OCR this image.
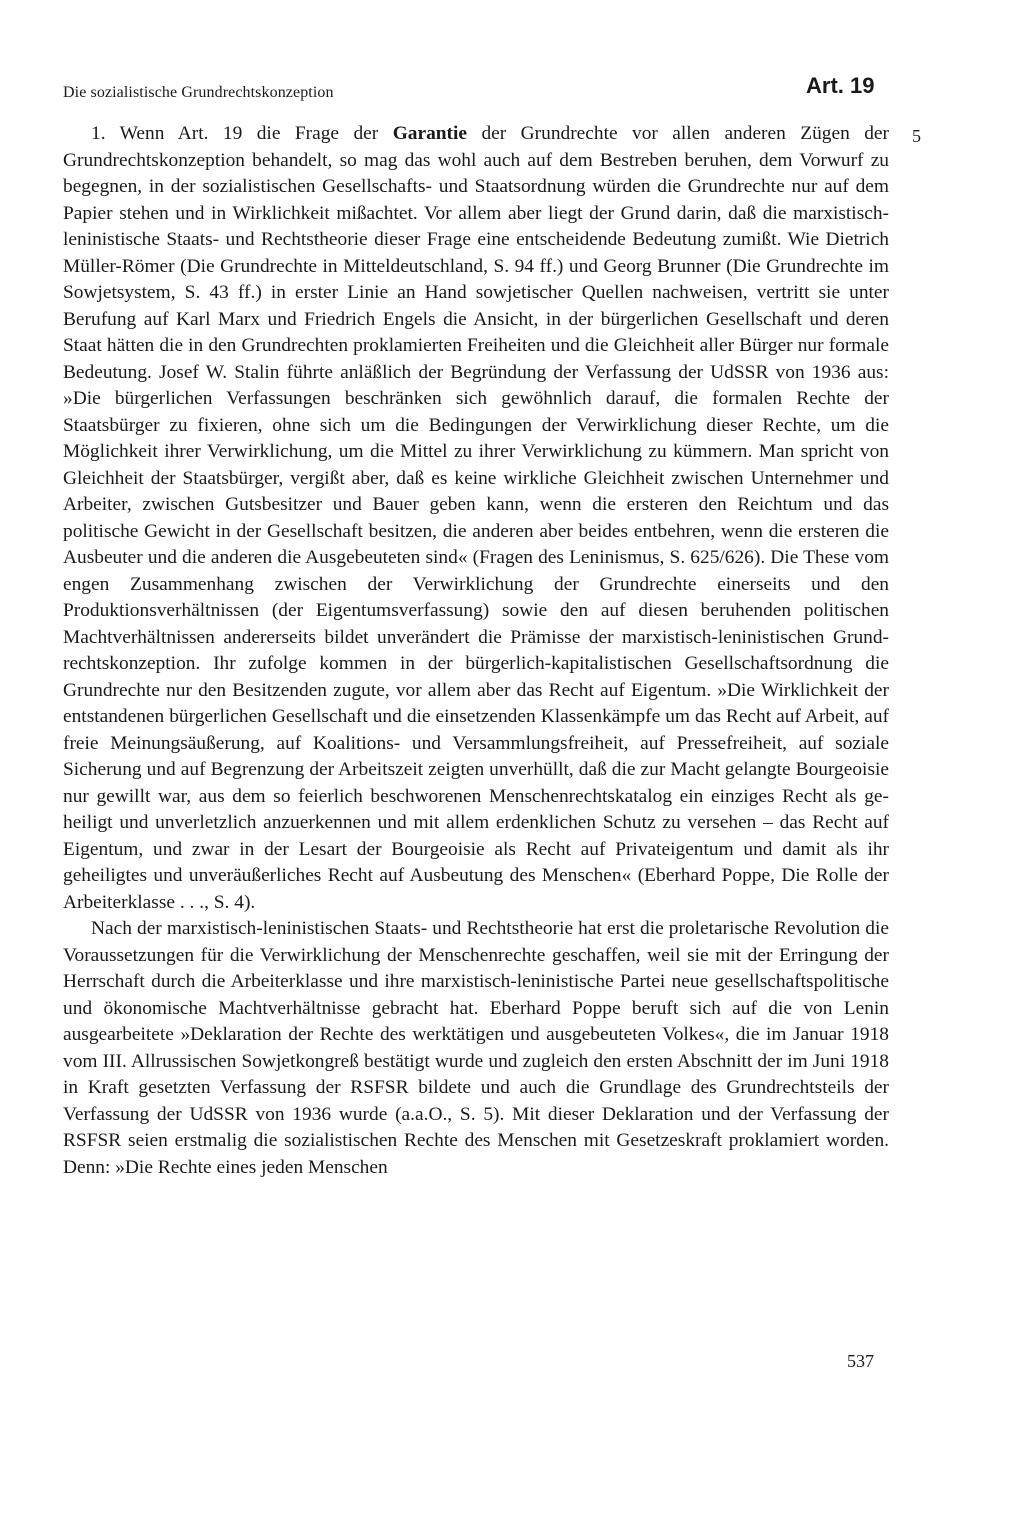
Die sozialistische Grundrechtskonzeption	Art. 19
5

1. Wenn Art. 19 die Frage der Garantie der Grundrechte vor allen anderen Zügen der Grundrechtskonzeption behandelt, so mag das wohl auch auf dem Bestreben beruhen, dem Vorwurf zu begegnen, in der sozialistischen Gesellschafts- und Staatsordnung würden die Grundrechte nur auf dem Papier stehen und in Wirklichkeit mißachtet. Vor allem aber liegt der Grund darin, daß die marxistisch-leninistische Staats- und Rechtstheorie dieser Frage eine entscheidende Bedeutung zumißt. Wie Dietrich Müller-Römer (Die Grundrechte in Mitteldeutschland, S. 94 ff.) und Georg Brunner (Die Grundrechte im Sowjetsystem, S. 43 ff.) in erster Linie an Hand sowjetischer Quellen nachweisen, vertritt sie unter Berufung auf Karl Marx und Friedrich Engels die Ansicht, in der bürgerlichen Gesellschaft und deren Staat hätten die in den Grundrechten proklamierten Freiheiten und die Gleichheit aller Bürger nur formale Bedeutung. Josef W. Stalin führte anläßlich der Begründung der Verfassung der UdSSR von 1936 aus: »Die bürgerlichen Verfassungen beschränken sich gewöhnlich darauf, die formalen Rechte der Staatsbürger zu fixieren, ohne sich um die Bedingungen der Verwirklichung dieser Rechte, um die Möglichkeit ihrer Verwirklichung, um die Mittel zu ihrer Verwirklichung zu kümmern. Man spricht von Gleichheit der Staatsbürger, vergißt aber, daß es keine wirkliche Gleichheit zwischen Unternehmer und Arbeiter, zwischen Gutsbesitzer und Bauer geben kann, wenn die ersteren den Reichtum und das politische Gewicht in der Gesellschaft besitzen, die anderen aber beides entbehren, wenn die ersteren die Ausbeuter und die anderen die Ausgebeuteten sind« (Fragen des Leninismus, S. 625/626). Die These vom engen Zusammenhang zwischen der Verwirklichung der Grundrechte einerseits und den Produktionsverhältnissen (der Eigentumsverfassung) sowie den auf diesen beruhenden politischen Machtverhältnissen andererseits bildet unverändert die Prämisse der marxistisch-leninistischen Grundrechtskonzeption. Ihr zufolge kommen in der bürgerlich-kapitalistischen Gesellschaftsordnung die Grundrechte nur den Besitzenden zugute, vor allem aber das Recht auf Eigentum. »Die Wirklichkeit der entstandenen bürgerlichen Gesellschaft und die einsetzenden Klassenkämpfe um das Recht auf Arbeit, auf freie Meinungsäußerung, auf Koalitions- und Versammlungsfreiheit, auf Pressefreiheit, auf soziale Sicherung und auf Begrenzung der Arbeitszeit zeigten unverhüllt, daß die zur Macht gelangte Bourgeoisie nur gewillt war, aus dem so feierlich beschworenen Menschenrechtskatalog ein einziges Recht als geheiligt und unverletzlich anzuerkennen und mit allem erdenklichen Schutz zu versehen – das Recht auf Eigentum, und zwar in der Lesart der Bourgeoisie als Recht auf Privateigentum und damit als ihr geheiligtes und unveräußerliches Recht auf Ausbeutung des Menschen« (Eberhard Poppe, Die Rolle der Arbeiterklasse . . ., S. 4).

Nach der marxistisch-leninistischen Staats- und Rechtstheorie hat erst die proletarische Revolution die Voraussetzungen für die Verwirklichung der Menschenrechte geschaffen, weil sie mit der Erringung der Herrschaft durch die Arbeiterklasse und ihre marxistisch-leninistische Partei neue gesellschaftspolitische und ökonomische Machtverhältnisse gebracht hat. Eberhard Poppe beruft sich auf die von Lenin ausgearbeitete »Deklaration der Rechte des werktätigen und ausgebeuteten Volkes«, die im Januar 1918 vom III. Allrussischen Sowjetkongreß bestätigt wurde und zugleich den ersten Abschnitt der im Juni 1918 in Kraft gesetzten Verfassung der RSFSR bildete und auch die Grundlage des Grundrechtsteils der Verfassung der UdSSR von 1936 wurde (a.a.O., S. 5). Mit dieser Deklaration und der Verfassung der RSFSR seien erstmalig die sozialistischen Rechte des Menschen mit Gesetzeskraft proklamiert worden. Denn: »Die Rechte eines jeden Menschen

537
